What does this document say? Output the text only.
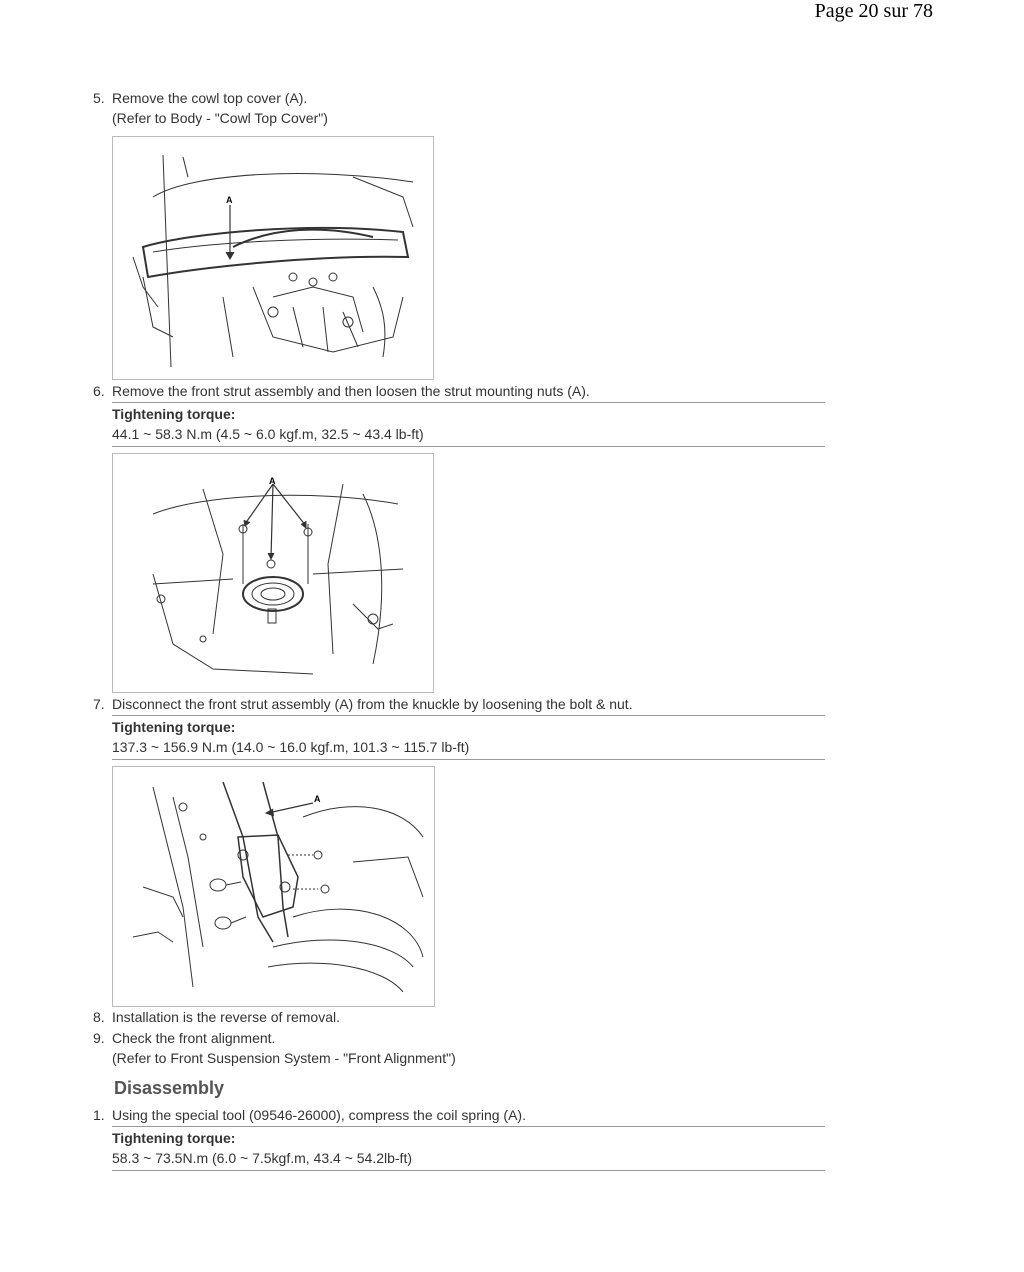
Page 20 sur 78
5. Remove the cowl top cover (A).
(Refer to Body - "Cowl Top Cover")
A
6. Remove the front strut assembly and then loosen the strut mounting nuts (A).
Tightening torque:
44.1 ~ 58.3 N.m (4.5 ~ 6.0 kgf.m, 32.5 ~ 43.4 lb-ft)
A
7. Disconnect the front strut assembly (A) from the knuckle by loosening the bolt & nut.
Tightening torque:
137.3 ~ 156.9 N.m (14.0 ~ 16.0 kgf.m, 101.3 ~ 115.7 lb-ft)
A
8. Installation is the reverse of removal.
9. Check the front alignment.
(Refer to Front Suspension System - "Front Alignment")
Disassembly
1. Using the special tool (09546-26000), compress the coil spring (A).
Tightening torque:
58.3 ~ 73.5N.m (6.0 ~ 7.5kgf.m, 43.4 ~ 54.2lb-ft)
